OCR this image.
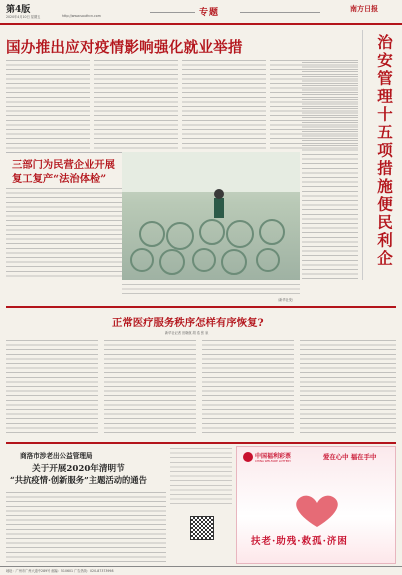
第4版
2020年4月10日 星期五	http://www.southcn.com	专题	南方日报
国办推出应对疫情影响强化就业举措	治安管理十五项措施便民利企
三部门为民营企业开展
复工复产“法治体检”
（新华社发）
正常医疗服务秩序怎样有序恢复?
新华社记者 田晓航 胡 浩 张 泉
商洛市涉老出公益管理局
关于开展2020年清明节
“共抗疫情·创新服务”主题活动的通告
中国福利彩票
CHINA WELFARE LOTTERY	爱在心中 福在手中
扶老·助残·救孤·济困
地址：广州市广州大道中289号 邮编：510601 广告热线：020-87373998
